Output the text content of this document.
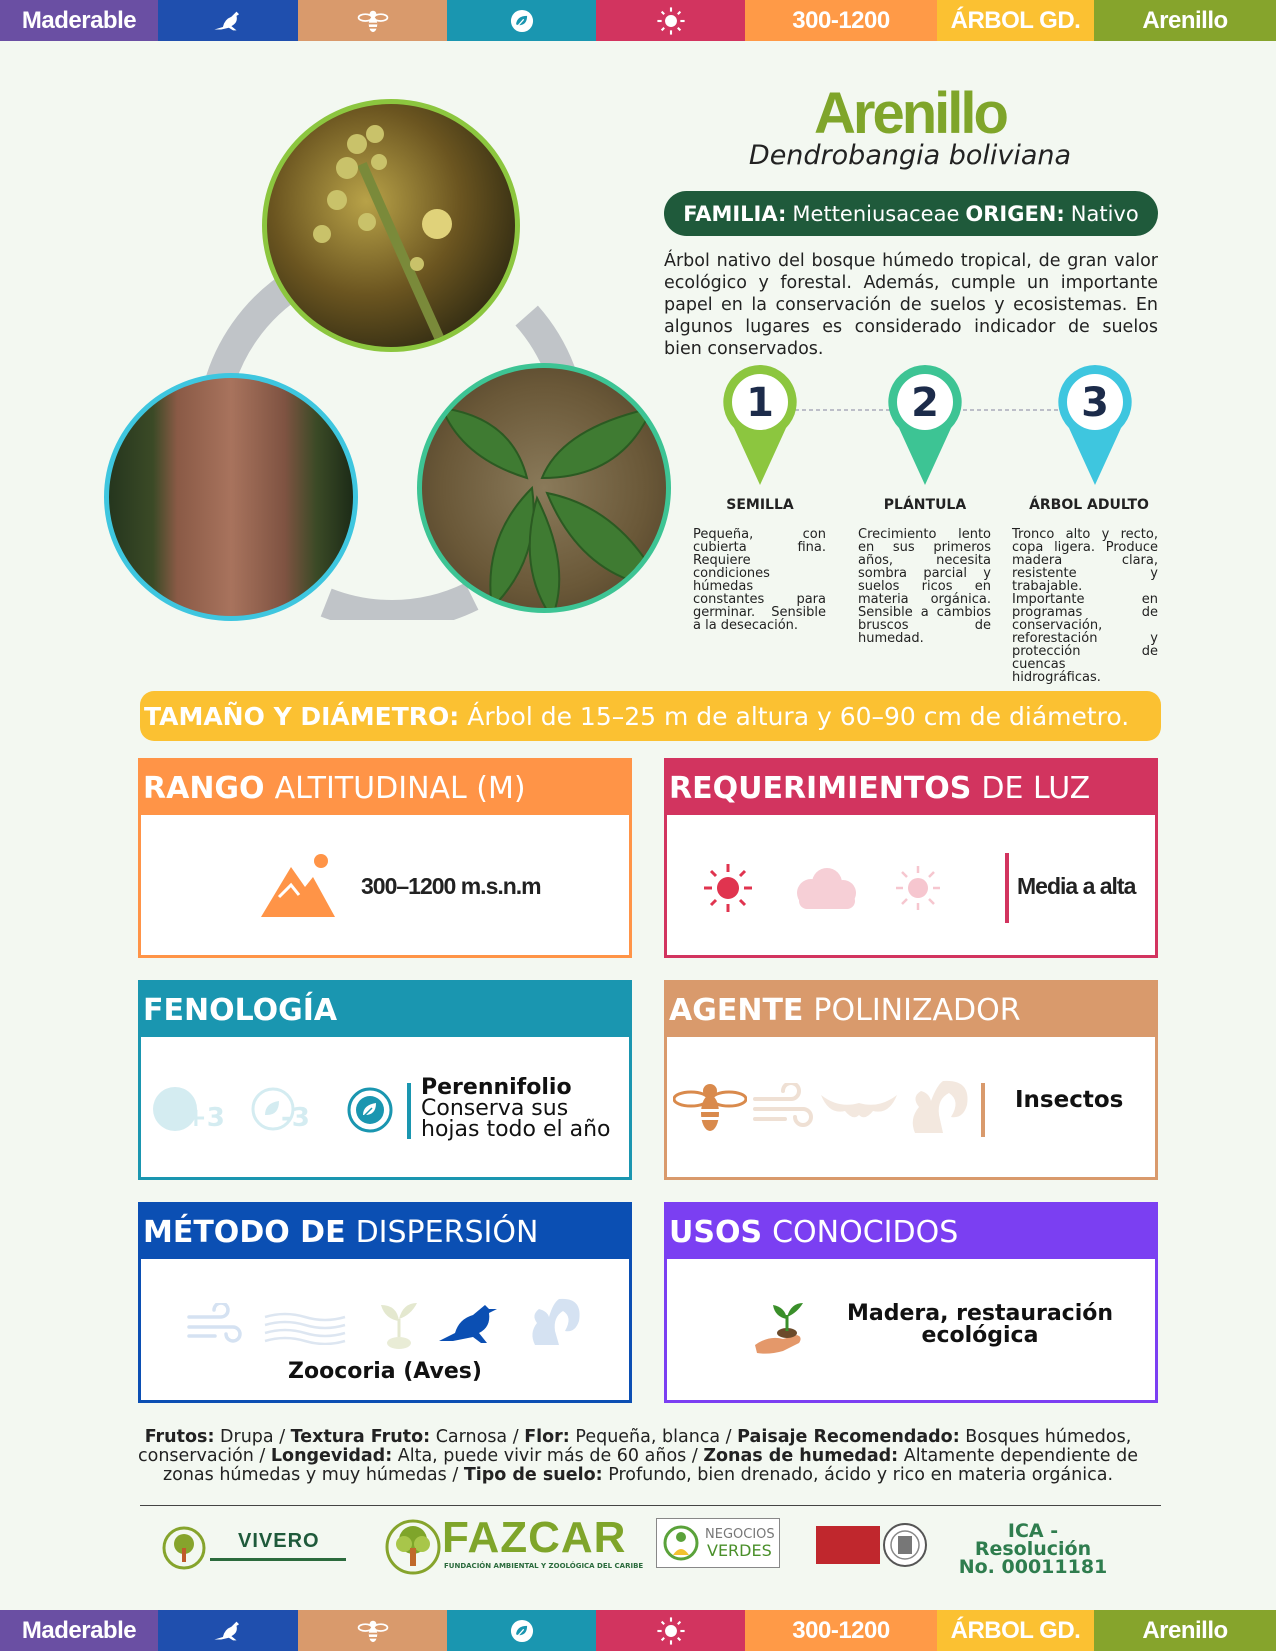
Maderable	300-1200	ÁRBOL GD.	Arenillo
Arenillo
Dendrobangia boliviana
FAMILIA: Metteniusaceae ORIGEN: Nativo
Árbol nativo del bosque húmedo tropical, de gran valor ecológico y forestal. Además, cumple un importante papel en la conservación de suelos y ecosistemas. En algunos lugares es considerado indicador de suelos bien conservados.
1	2	3
SEMILLA	PLÁNTULA	ÁRBOL ADULTO
Pequeña, con cubierta fina. Requiere condiciones húmedas constantes para germinar. Sensible a la desecación.
Crecimiento lento en sus primeros años, necesita sombra parcial y suelos ricos en materia orgánica. Sensible a cambios bruscos de humedad.
Tronco alto y recto, copa ligera. Produce madera clara, resistente y trabajable. Importante en programas de conservación, reforestación y protección de cuencas hidrográficas.
TAMAÑO Y DIÁMETRO: Árbol de 15–25 m de altura y 60–90 cm de diámetro.
RANGO ALTITUDINAL (M)
300–1200 m.s.n.m
REQUERIMIENTOS DE LUZ
Media a alta
FENOLOGÍA
+3 -3
Perennifolio
Conserva sus
hojas todo el año
AGENTE POLINIZADOR
Insectos
MÉTODO DE DISPERSIÓN
Zoocoria (Aves)
USOS CONOCIDOS
Madera, restauración
ecológica
Frutos: Drupa / Textura Fruto: Carnosa / Flor: Pequeña, blanca / Paisaje Recomendado: Bosques húmedos, conservación / Longevidad: Alta, puede vivir más de 60 años / Zonas de humedad: Altamente dependiente de zonas húmedas y muy húmedas / Tipo de suelo: Profundo, bien drenado, ácido y rico en materia orgánica.
VIVERO	FAZCAR
FUNDACIÓN AMBIENTAL Y ZOOLÓGICA DEL CARIBE
NEGOCIOS
VERDES
ICA - Resolución
No. 00011181
Maderable	300-1200	ÁRBOL GD.	Arenillo
